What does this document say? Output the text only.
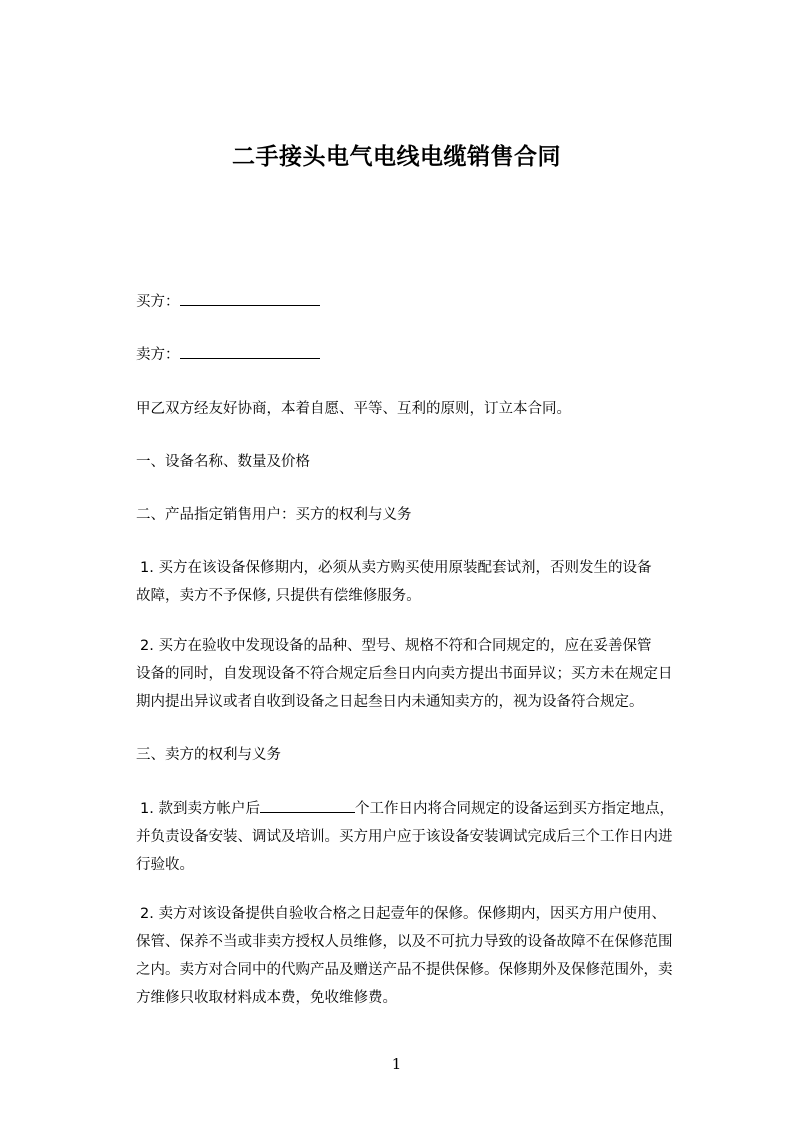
二手接头电气电线电缆销售合同
买方：
卖方：
甲乙双方经友好协商，本着自愿、平等、互利的原则，订立本合同。
一、设备名称、数量及价格
二、产品指定销售用户：买方的权利与义务
1. 买方在该设备保修期内，必须从卖方购买使用原装配套试剂，否则发生的设备
故障，卖方不予保修, 只提供有偿维修服务。
2. 买方在验收中发现设备的品种、型号、规格不符和合同规定的，应在妥善保管
设备的同时，自发现设备不符合规定后叁日内向卖方提出书面异议；买方未在规定日
期内提出异议或者自收到设备之日起叁日内未通知卖方的，视为设备符合规定。
三、卖方的权利与义务
1. 款到卖方帐户后	个工作日内将合同规定的设备运到买方指定地点，
并负责设备安装、调试及培训。买方用户应于该设备安装调试完成后三个工作日内进
行验收。
2. 卖方对该设备提供自验收合格之日起壹年的保修。保修期内，因买方用户使用、
保管、保养不当或非卖方授权人员维修，以及不可抗力导致的设备故障不在保修范围
之内。卖方对合同中的代购产品及赠送产品不提供保修。保修期外及保修范围外，卖
方维修只收取材料成本费，免收维修费。
1
